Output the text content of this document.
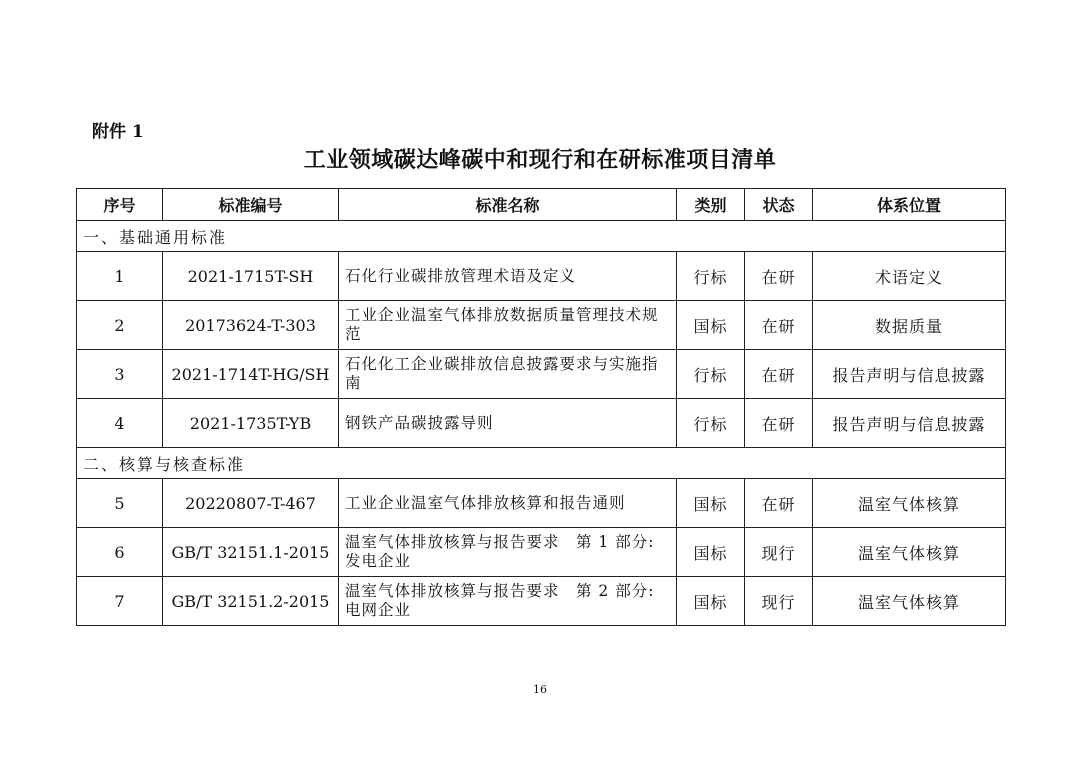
附件 1
工业领域碳达峰碳中和现行和在研标准项目清单
序号	标准编号	标准名称	类别	状态	体系位置
一、基础通用标准					
1	2021-1715T-SH	石化行业碳排放管理术语及定义	行标	在研	术语定义
2	20173624-T-303	工业企业温室气体排放数据质量管理技术规范	国标	在研	数据质量
3	2021-1714T-HG/SH	石化化工企业碳排放信息披露要求与实施指南	行标	在研	报告声明与信息披露
4	2021-1735T-YB	钢铁产品碳披露导则	行标	在研	报告声明与信息披露
二、核算与核查标准					
5	20220807-T-467	工业企业温室气体排放核算和报告通则	国标	在研	温室气体核算
6	GB/T 32151.1-2015	温室气体排放核算与报告要求　第 1 部分: 发电企业	国标	现行	温室气体核算
7	GB/T 32151.2-2015	温室气体排放核算与报告要求　第 2 部分: 电网企业	国标	现行	温室气体核算
16
